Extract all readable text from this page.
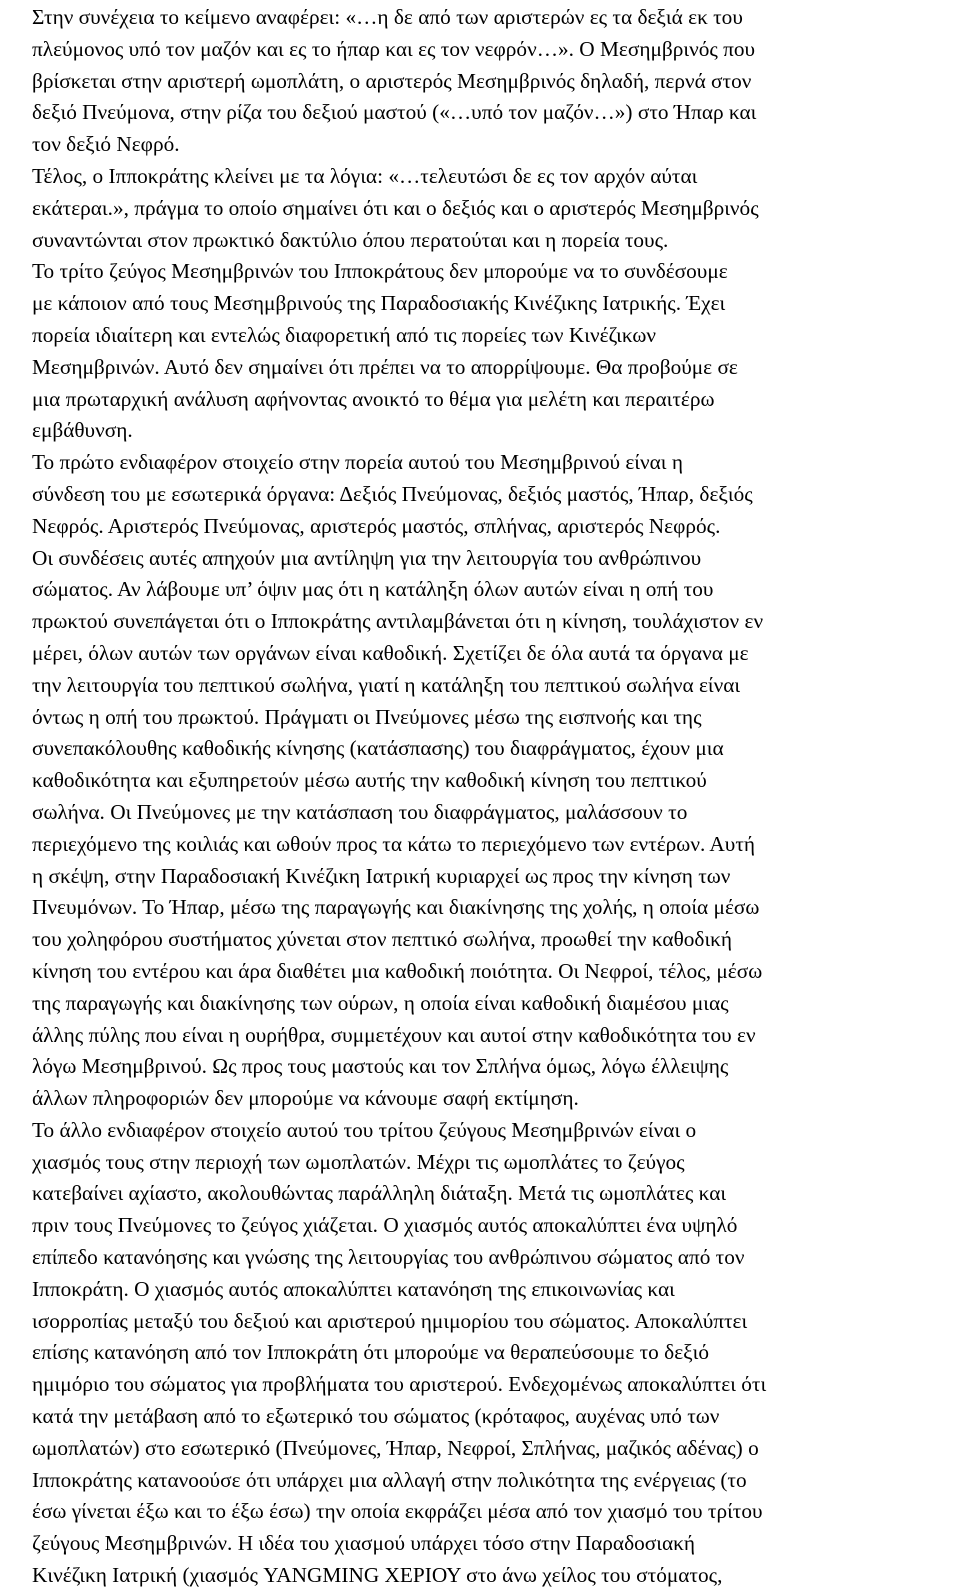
Στην συνέχεια το κείμενο αναφέρει: «…η δε από των αριστερών ες τα δεξιά εκ του
πλεύμονος υπό τον μαζόν και ες το ήπαρ και ες τον νεφρόν…». Ο Μεσημβρινός που
βρίσκεται στην αριστερή ωμοπλάτη, ο αριστερός Μεσημβρινός δηλαδή, περνά στον
δεξιό Πνεύμονα, στην ρίζα του δεξιού μαστού («…υπό τον μαζόν…») στο Ήπαρ και
τον δεξιό Νεφρό.
Τέλος, ο Ιπποκράτης κλείνει με τα λόγια: «…τελευτώσι δε ες τον αρχόν αύται
εκάτεραι.», πράγμα το οποίο σημαίνει ότι και ο δεξιός και ο αριστερός Μεσημβρινός
συναντώνται στον πρωκτικό δακτύλιο όπου περατούται και η πορεία τους.
Το τρίτο ζεύγος Μεσημβρινών του Ιπποκράτους δεν μπορούμε να το συνδέσουμε
με κάποιον από τους Μεσημβρινούς της Παραδοσιακής Κινέζικης Ιατρικής. Έχει
πορεία ιδιαίτερη και εντελώς διαφορετική από τις πορείες των Κινέζικων
Μεσημβρινών. Αυτό δεν σημαίνει ότι πρέπει να το απορρίψουμε. Θα προβούμε σε
μια πρωταρχική ανάλυση αφήνοντας ανοικτό το θέμα για μελέτη και περαιτέρω
εμβάθυνση.
Το πρώτο ενδιαφέρον στοιχείο στην πορεία αυτού του Μεσημβρινού είναι η
σύνδεση του με εσωτερικά όργανα: Δεξιός Πνεύμονας, δεξιός μαστός, Ήπαρ, δεξιός
Νεφρός. Αριστερός Πνεύμονας, αριστερός μαστός, σπλήνας, αριστερός Νεφρός.
Οι συνδέσεις αυτές απηχούν μια αντίληψη για την λειτουργία του ανθρώπινου
σώματος. Αν λάβουμε υπ’ όψιν μας ότι η κατάληξη όλων αυτών είναι η οπή του
πρωκτού συνεπάγεται ότι ο Ιπποκράτης αντιλαμβάνεται ότι η κίνηση, τουλάχιστον εν
μέρει, όλων αυτών των οργάνων είναι καθοδική. Σχετίζει δε όλα αυτά τα όργανα με
την λειτουργία του πεπτικού σωλήνα, γιατί η κατάληξη του πεπτικού σωλήνα είναι
όντως η οπή του πρωκτού. Πράγματι οι Πνεύμονες μέσω της εισπνοής και της
συνεπακόλουθης καθοδικής κίνησης (κατάσπασης) του διαφράγματος, έχουν μια
καθοδικότητα και εξυπηρετούν μέσω αυτής την καθοδική κίνηση του πεπτικού
σωλήνα. Οι Πνεύμονες με την κατάσπαση του διαφράγματος, μαλάσσουν το
περιεχόμενο της κοιλιάς και ωθούν προς τα κάτω το περιεχόμενο των εντέρων. Αυτή
η σκέψη, στην Παραδοσιακή Κινέζικη Ιατρική κυριαρχεί ως προς την κίνηση των
Πνευμόνων. Το Ήπαρ, μέσω της παραγωγής και διακίνησης της χολής, η οποία μέσω
του χοληφόρου συστήματος χύνεται στον πεπτικό σωλήνα, προωθεί την καθοδική
κίνηση του εντέρου και άρα διαθέτει μια καθοδική ποιότητα. Οι Νεφροί, τέλος, μέσω
της παραγωγής και διακίνησης των ούρων, η οποία είναι καθοδική διαμέσου μιας
άλλης πύλης που είναι η ουρήθρα, συμμετέχουν και αυτοί στην καθοδικότητα του εν
λόγω Μεσημβρινού. Ως προς τους μαστούς και τον Σπλήνα όμως, λόγω έλλειψης
άλλων πληροφοριών δεν μπορούμε να κάνουμε σαφή εκτίμηση.
Το άλλο ενδιαφέρον στοιχείο αυτού του τρίτου ζεύγους Μεσημβρινών είναι ο
χιασμός τους στην περιοχή των ωμοπλατών. Μέχρι τις ωμοπλάτες το ζεύγος
κατεβαίνει αχίαστο, ακολουθώντας παράλληλη διάταξη. Μετά τις ωμοπλάτες και
πριν τους Πνεύμονες το ζεύγος χιάζεται. Ο χιασμός αυτός αποκαλύπτει ένα υψηλό
επίπεδο κατανόησης και γνώσης της λειτουργίας του ανθρώπινου σώματος από τον
Ιπποκράτη. Ο χιασμός αυτός αποκαλύπτει κατανόηση της επικοινωνίας και
ισορροπίας μεταξύ του δεξιού και αριστερού ημιμορίου του σώματος. Αποκαλύπτει
επίσης κατανόηση από τον Ιπποκράτη ότι μπορούμε να θεραπεύσουμε το δεξιό
ημιμόριο του σώματος για προβλήματα του αριστερού. Ενδεχομένως αποκαλύπτει ότι
κατά την μετάβαση από το εξωτερικό του σώματος (κρόταφος, αυχένας υπό των
ωμοπλατών) στο εσωτερικό (Πνεύμονες, Ήπαρ, Νεφροί, Σπλήνας, μαζικός αδένας) ο
Ιπποκράτης κατανοούσε ότι υπάρχει μια αλλαγή στην πολικότητα της ενέργειας (το
έσω γίνεται έξω και το έξω έσω) την οποία εκφράζει μέσα από τον χιασμό του τρίτου
ζεύγους Μεσημβρινών. Η ιδέα του χιασμού υπάρχει τόσο στην Παραδοσιακή
Κινέζικη Ιατρική (χιασμός YANGMING ΧΕΡΙΟΥ στο άνω χείλος του στόματος,
